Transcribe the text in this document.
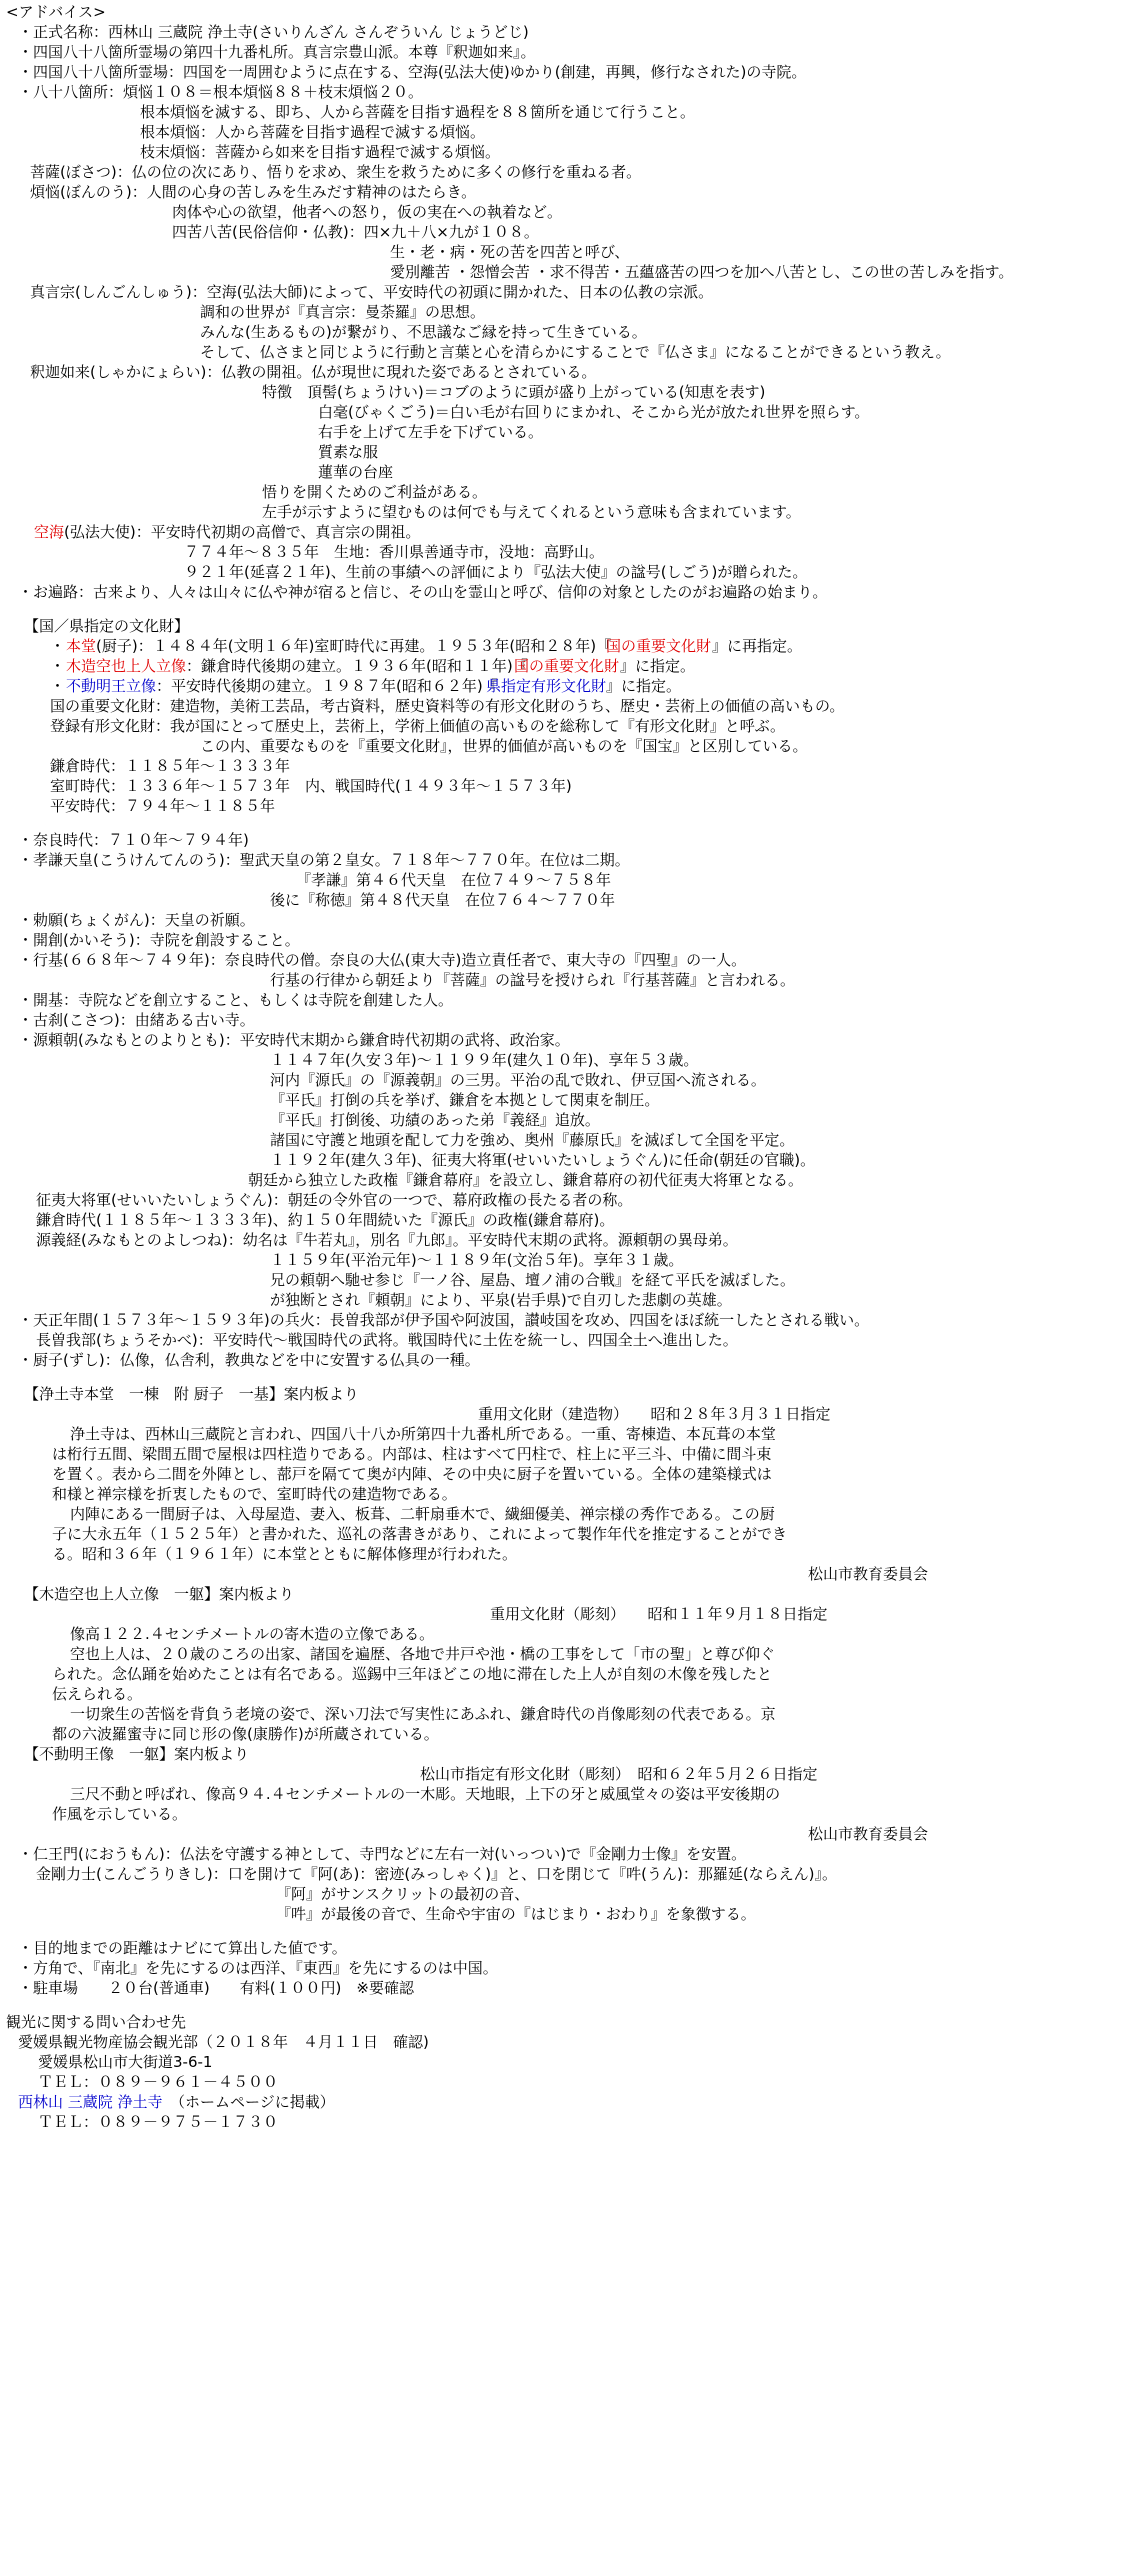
<アドバイス>
・正式名称：西林山 三蔵院 浄土寺(さいりんざん さんぞういん じょうどじ)
・四国八十八箇所霊場の第四十九番札所。真言宗豊山派。本尊『釈迦如来』。
・四国八十八箇所霊場：四国を一周囲むように点在する、空海(弘法大使)ゆかり(創建，再興，修行なされた)の寺院。
・八十八箇所：煩悩１０８＝根本煩悩８８＋枝末煩悩２０。
根本煩悩を滅する、即ち、人から菩薩を目指す過程を８８箇所を通じて行うこと。
根本煩悩：人から菩薩を目指す過程で滅する煩悩。
枝末煩悩：菩薩から如来を目指す過程で滅する煩悩。
菩薩(ぼさつ)：仏の位の次にあり、悟りを求め、衆生を救うために多くの修行を重ねる者。
煩悩(ぼんのう)：人間の心身の苦しみを生みだす精神のはたらき。
肉体や心の欲望，他者への怒り，仮の実在への執着など。
四苦八苦(民俗信仰・仏教)：四×九＋八×九が１０８。
生・老・病・死の苦を四苦と呼び、
愛別離苦 ・怨憎会苦 ・求不得苦・五蘊盛苦の四つを加へ八苦とし、この世の苦しみを指す。
真言宗(しんごんしゅう)：空海(弘法大師)によって、平安時代の初頭に開かれた、日本の仏教の宗派。
調和の世界が『真言宗：曼荼羅』の思想。
みんな(生あるもの)が繋がり、不思議なご縁を持って生きている。
そして、仏さまと同じように行動と言葉と心を清らかにすることで『仏さま』になることができるという教え。
釈迦如来(しゃかにょらい)：仏教の開祖。仏が現世に現れた姿であるとされている。
特徴　頂髻(ちょうけい)＝コブのように頭が盛り上がっている(知恵を表す)
白毫(びゃくごう)＝白い毛が右回りにまかれ、そこから光が放たれ世界を照らす。
右手を上げて左手を下げている。
質素な服
蓮華の台座
悟りを開くためのご利益がある。
左手が示すように望むものは何でも与えてくれるという意味も含まれています。
空海 (弘法大使)：平安時代初期の高僧で、真言宗の開祖。
７７４年～８３５年　生地：香川県善通寺市，没地：高野山。
９２１年(延喜２１年)、生前の事績への評価により『弘法大使』の諡号(しごう)が贈られた。
・お遍路：古来より、人々は山々に仏や神が宿ると信じ、その山を霊山と呼び、信仰の対象としたのがお遍路の始まり。
【国／県指定の文化財】
・ 本堂 (厨子)：１４８４年(文明１６年)室町時代に再建。１９５３年(昭和２８年)『
国の重要文化財 』に再指定。
・ 木造空也上人立像 ：鎌倉時代後期の建立。１９３６年(昭和１１年)『
国の重要文化財 』に指定。
・ 不動明王立像 ：平安時代後期の建立。１９８７年(昭和６２年)『
県指定有形文化財 』に指定。
国の重要文化財：建造物，美術工芸品，考古資料，歴史資料等の有形文化財のうち、歴史・芸術上の価値の高いもの。
登録有形文化財：我が国にとって歴史上，芸術上，学術上価値の高いものを総称して『有形文化財』と呼ぶ。
この内、重要なものを『重要文化財』，世界的価値が高いものを『国宝』と区別している。
鎌倉時代：１１８５年～１３３３年
室町時代：１３３６年～１５７３年　内、戦国時代(１４９３年～１５７３年)
平安時代：７９４年～１１８５年
・奈良時代：７１０年～７９４年)
・孝謙天皇(こうけんてんのう)：聖武天皇の第２皇女。７１８年～７７０年。在位は二期。
『孝謙』第４６代天皇　在位７４９～７５８年
後に『称徳』第４８代天皇　在位７６４～７７０年
・勅願(ちょくがん)：天皇の祈願。
・開創(かいそう)：寺院を創設すること。
・行基(６６８年～７４９年)：奈良時代の僧。奈良の大仏(東大寺)造立責任者で、東大寺の『四聖』の一人。
行基の行律から朝廷より『菩薩』の諡号を授けられ『行基菩薩』と言われる。
・開基：寺院などを創立すること、もしくは寺院を創建した人。
・古刹(こさつ)：由緒ある古い寺。
・源頼朝(みなもとのよりとも)：平安時代末期から鎌倉時代初期の武将、政治家。
１１４７年(久安３年)～１１９９年(建久１０年)、享年５３歳。
河内『源氏』の『源義朝』の三男。平治の乱で敗れ、伊豆国へ流される。
『平氏』打倒の兵を挙げ、鎌倉を本拠として関東を制圧。
『平氏』打倒後、功績のあった弟『義経』追放。
諸国に守護と地頭を配して力を強め、奥州『藤原氏』を滅ぼして全国を平定。
１１９２年(建久３年)、征夷大将軍(せいいたいしょうぐん)に任命(朝廷の官職)。
朝廷から独立した政権『鎌倉幕府』を設立し、鎌倉幕府の初代征夷大将軍となる。
征夷大将軍(せいいたいしょうぐん)：朝廷の令外官の一つで、幕府政権の長たる者の称。
鎌倉時代(１１８５年～１３３３年)、約１５０年間続いた『源氏』の政権(鎌倉幕府)。
源義経(みなもとのよしつね)：幼名は『牛若丸』，別名『九郎』。平安時代末期の武将。源頼朝の異母弟。
１１５９年(平治元年)～１１８９年(文治５年)。享年３１歳。
兄の頼朝へ馳せ参じ『一ノ谷、屋島、壇ノ浦の合戦』を経て平氏を滅ぼした。
が独断とされ『頼朝』により、平泉(岩手県)で自刃した悲劇の英雄。
・天正年間(１５７３年～１５９３年)の兵火：長曽我部が伊予国や阿波国，讃岐国を攻め、四国をほぼ統一したとされる戦い。
長曽我部(ちょうそかべ)：平安時代～戦国時代の武将。戦国時代に土佐を統一し、四国全土へ進出した。
・厨子(ずし)：仏像，仏舎利，教典などを中に安置する仏具の一種。
【浄土寺本堂　一棟　附 厨子　一基】案内板より
重用文化財（建造物）　　昭和２８年３月３１日指定
浄土寺は、西林山三蔵院と言われ、四国八十八か所第四十九番札所である。一重、寄棟造、本瓦葺の本堂
は桁行五間、梁間五間で屋根は四柱造りである。内部は、柱はすべて円柱で、柱上に平三斗、中備に間斗束
を置く。表から二間を外陣とし、蔀戸を隔てて奥が内陣、その中央に厨子を置いている。全体の建築様式は
和様と禅宗様を折衷したもので、室町時代の建造物である。
内陣にある一間厨子は、入母屋造、妻入、板葺、二軒扇垂木で、繊細優美、禅宗様の秀作である。この厨
子に大永五年（１５２５年）と書かれた、巡礼の落書きがあり、これによって製作年代を推定することができ
る。昭和３６年（１９６１年）に本堂とともに解体修理が行われた。
松山市教育委員会
【木造空也上人立像　一躯】案内板より
重用文化財（彫刻）　　昭和１１年９月１８日指定
像高１２２.４センチメートルの寄木造の立像である。
空也上人は、２０歳のころの出家、諸国を遍歴、各地で井戸や池・橋の工事をして「市の聖」と尊び仰ぐ
られた。念仏踊を始めたことは有名である。巡錫中三年ほどこの地に滞在した上人が自刻の木像を残したと
伝えられる。
一切衆生の苦悩を背負う老境の姿で、深い刀法で写実性にあふれ、鎌倉時代の肖像彫刻の代表である。京
都の六波羅蜜寺に同じ形の像(康勝作)が所蔵されている。
【不動明王像　一躯】案内板より
松山市指定有形文化財（彫刻）　昭和６２年５月２６日指定
三尺不動と呼ばれ、像高９４.４センチメートルの一木彫。天地眼，上下の牙と威風堂々の姿は平安後期の
作風を示している。
松山市教育委員会
・仁王門(におうもん)：仏法を守護する神として、寺門などに左右一対(いっつい)で『金剛力士像』を安置。
金剛力士(こんごうりきし)：口を開けて『阿(あ)：密迹(みっしゃく)』と、口を閉じて『吽(うん)：那羅延(ならえん)』。
『阿』がサンスクリットの最初の音、
『吽』が最後の音で、生命や宇宙の『はじまり・おわり』を象徴する。
・目的地までの距離はナビにて算出した値です。
・方角で、『南北』を先にするのは西洋、『東西』を先にするのは中国。
・駐車場　　２０台(普通車)　　有料(１００円)　※要確認
観光に関する問い合わせ先
愛媛県観光物産協会観光部（２０１８年　４月１１日　確認)
愛媛県松山市大街道3-6-1
ＴＥＬ：０８９－９６１－４５００
西林山 三蔵院 浄土寺 （ホームページに掲載）
ＴＥＬ：０８９－９７５－１７３０
